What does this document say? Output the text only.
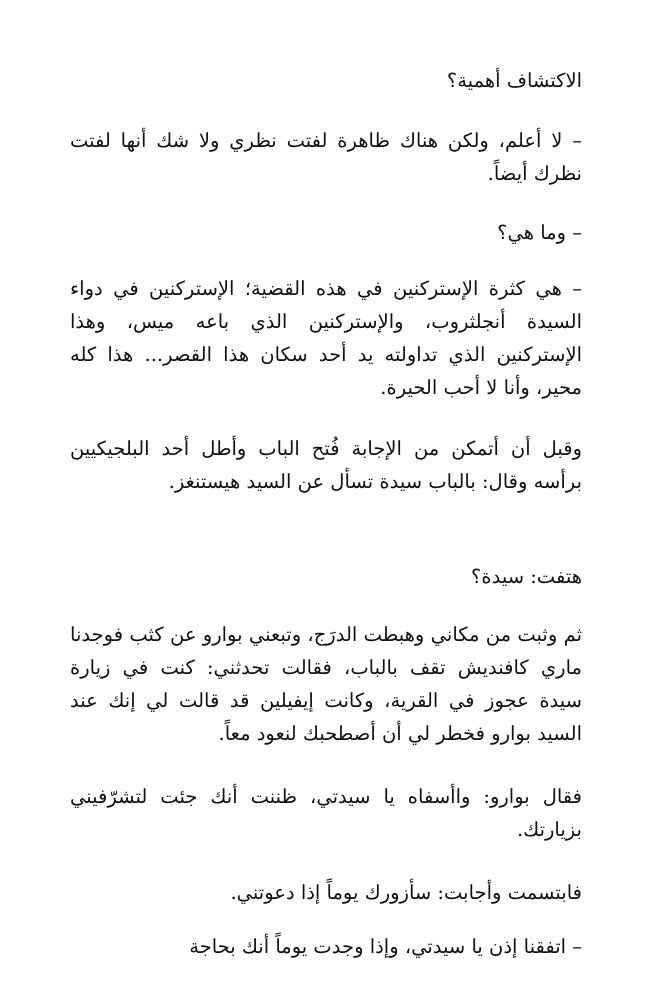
الاكتشاف أهمية؟

– لا أعلم، ولكن هناك ظاهرة لفتت نظري ولا شك أنها لفتت نظرك أيضاً.

– وما هي؟

– هي كثرة الإستركنين في هذه القضية؛ الإستركنين في دواء السيدة أنجلثروب، والإستركنين الذي باعه ميس، وهذا الإستركنين الذي تداولته يد أحد سكان هذا القصر... هذا كله محير، وأنا لا أحب الحيرة.

وقبل أن أتمكن من الإجابة فُتح الباب وأطل أحد البلجيكيين برأسه وقال: بالباب سيدة تسأل عن السيد هيستنغز.

هتفت: سيدة؟

ثم وثبت من مكاني وهبطت الدرَج، وتبعني بوارو عن كثب فوجدنا ماري كافنديش تقف بالباب، فقالت تحدثني: كنت في زيارة سيدة عجوز في القرية، وكانت إيفيلين قد قالت لي إنك عند السيد بوارو فخطر لي أن أصطحبك لنعود معاً.

فقال بوارو: واأسفاه يا سيدتي، ظننت أنك جئت لتشرّفيني بزيارتك.

فابتسمت وأجابت: سأزورك يوماً إذا دعوتني.

– اتفقنا إذن يا سيدتي، وإذا وجدت يوماً أنك بحاجة
